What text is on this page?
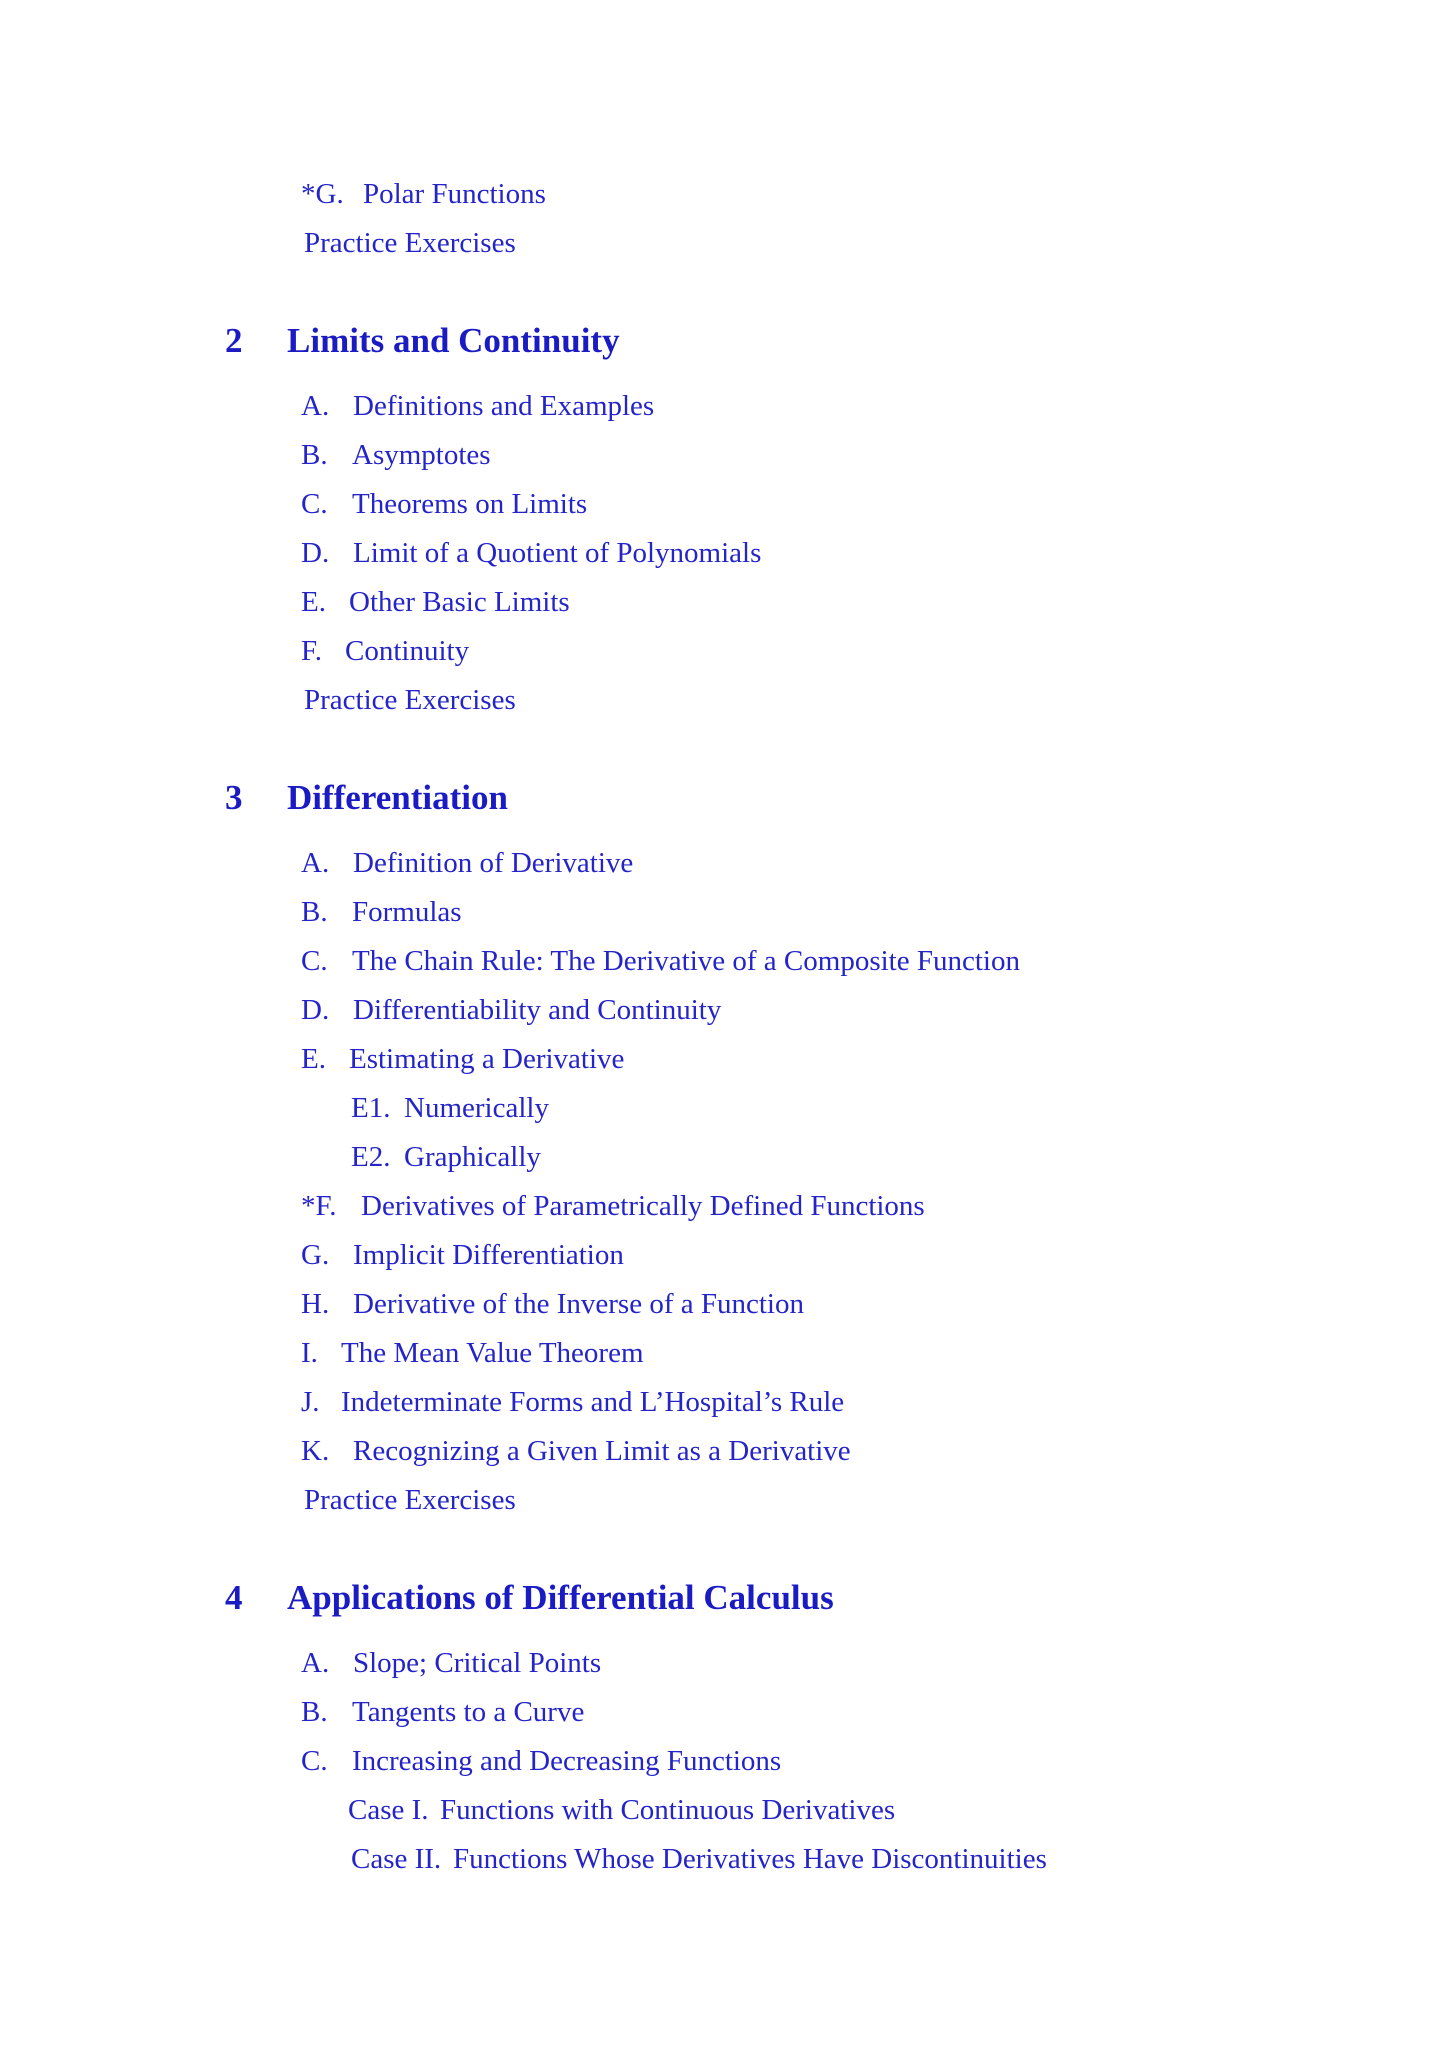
*G. Polar Functions
Practice Exercises
2 Limits and Continuity
A. Definitions and Examples
B. Asymptotes
C. Theorems on Limits
D. Limit of a Quotient of Polynomials
E. Other Basic Limits
F. Continuity
Practice Exercises
3 Differentiation
A. Definition of Derivative
B. Formulas
C. The Chain Rule: The Derivative of a Composite Function
D. Differentiability and Continuity
E. Estimating a Derivative
E1. Numerically
E2. Graphically
*F. Derivatives of Parametrically Defined Functions
G. Implicit Differentiation
H. Derivative of the Inverse of a Function
I. The Mean Value Theorem
J. Indeterminate Forms and L’Hospital’s Rule
K. Recognizing a Given Limit as a Derivative
Practice Exercises
4 Applications of Differential Calculus
A. Slope; Critical Points
B. Tangents to a Curve
C. Increasing and Decreasing Functions
Case I. Functions with Continuous Derivatives
Case II. Functions Whose Derivatives Have Discontinuities
